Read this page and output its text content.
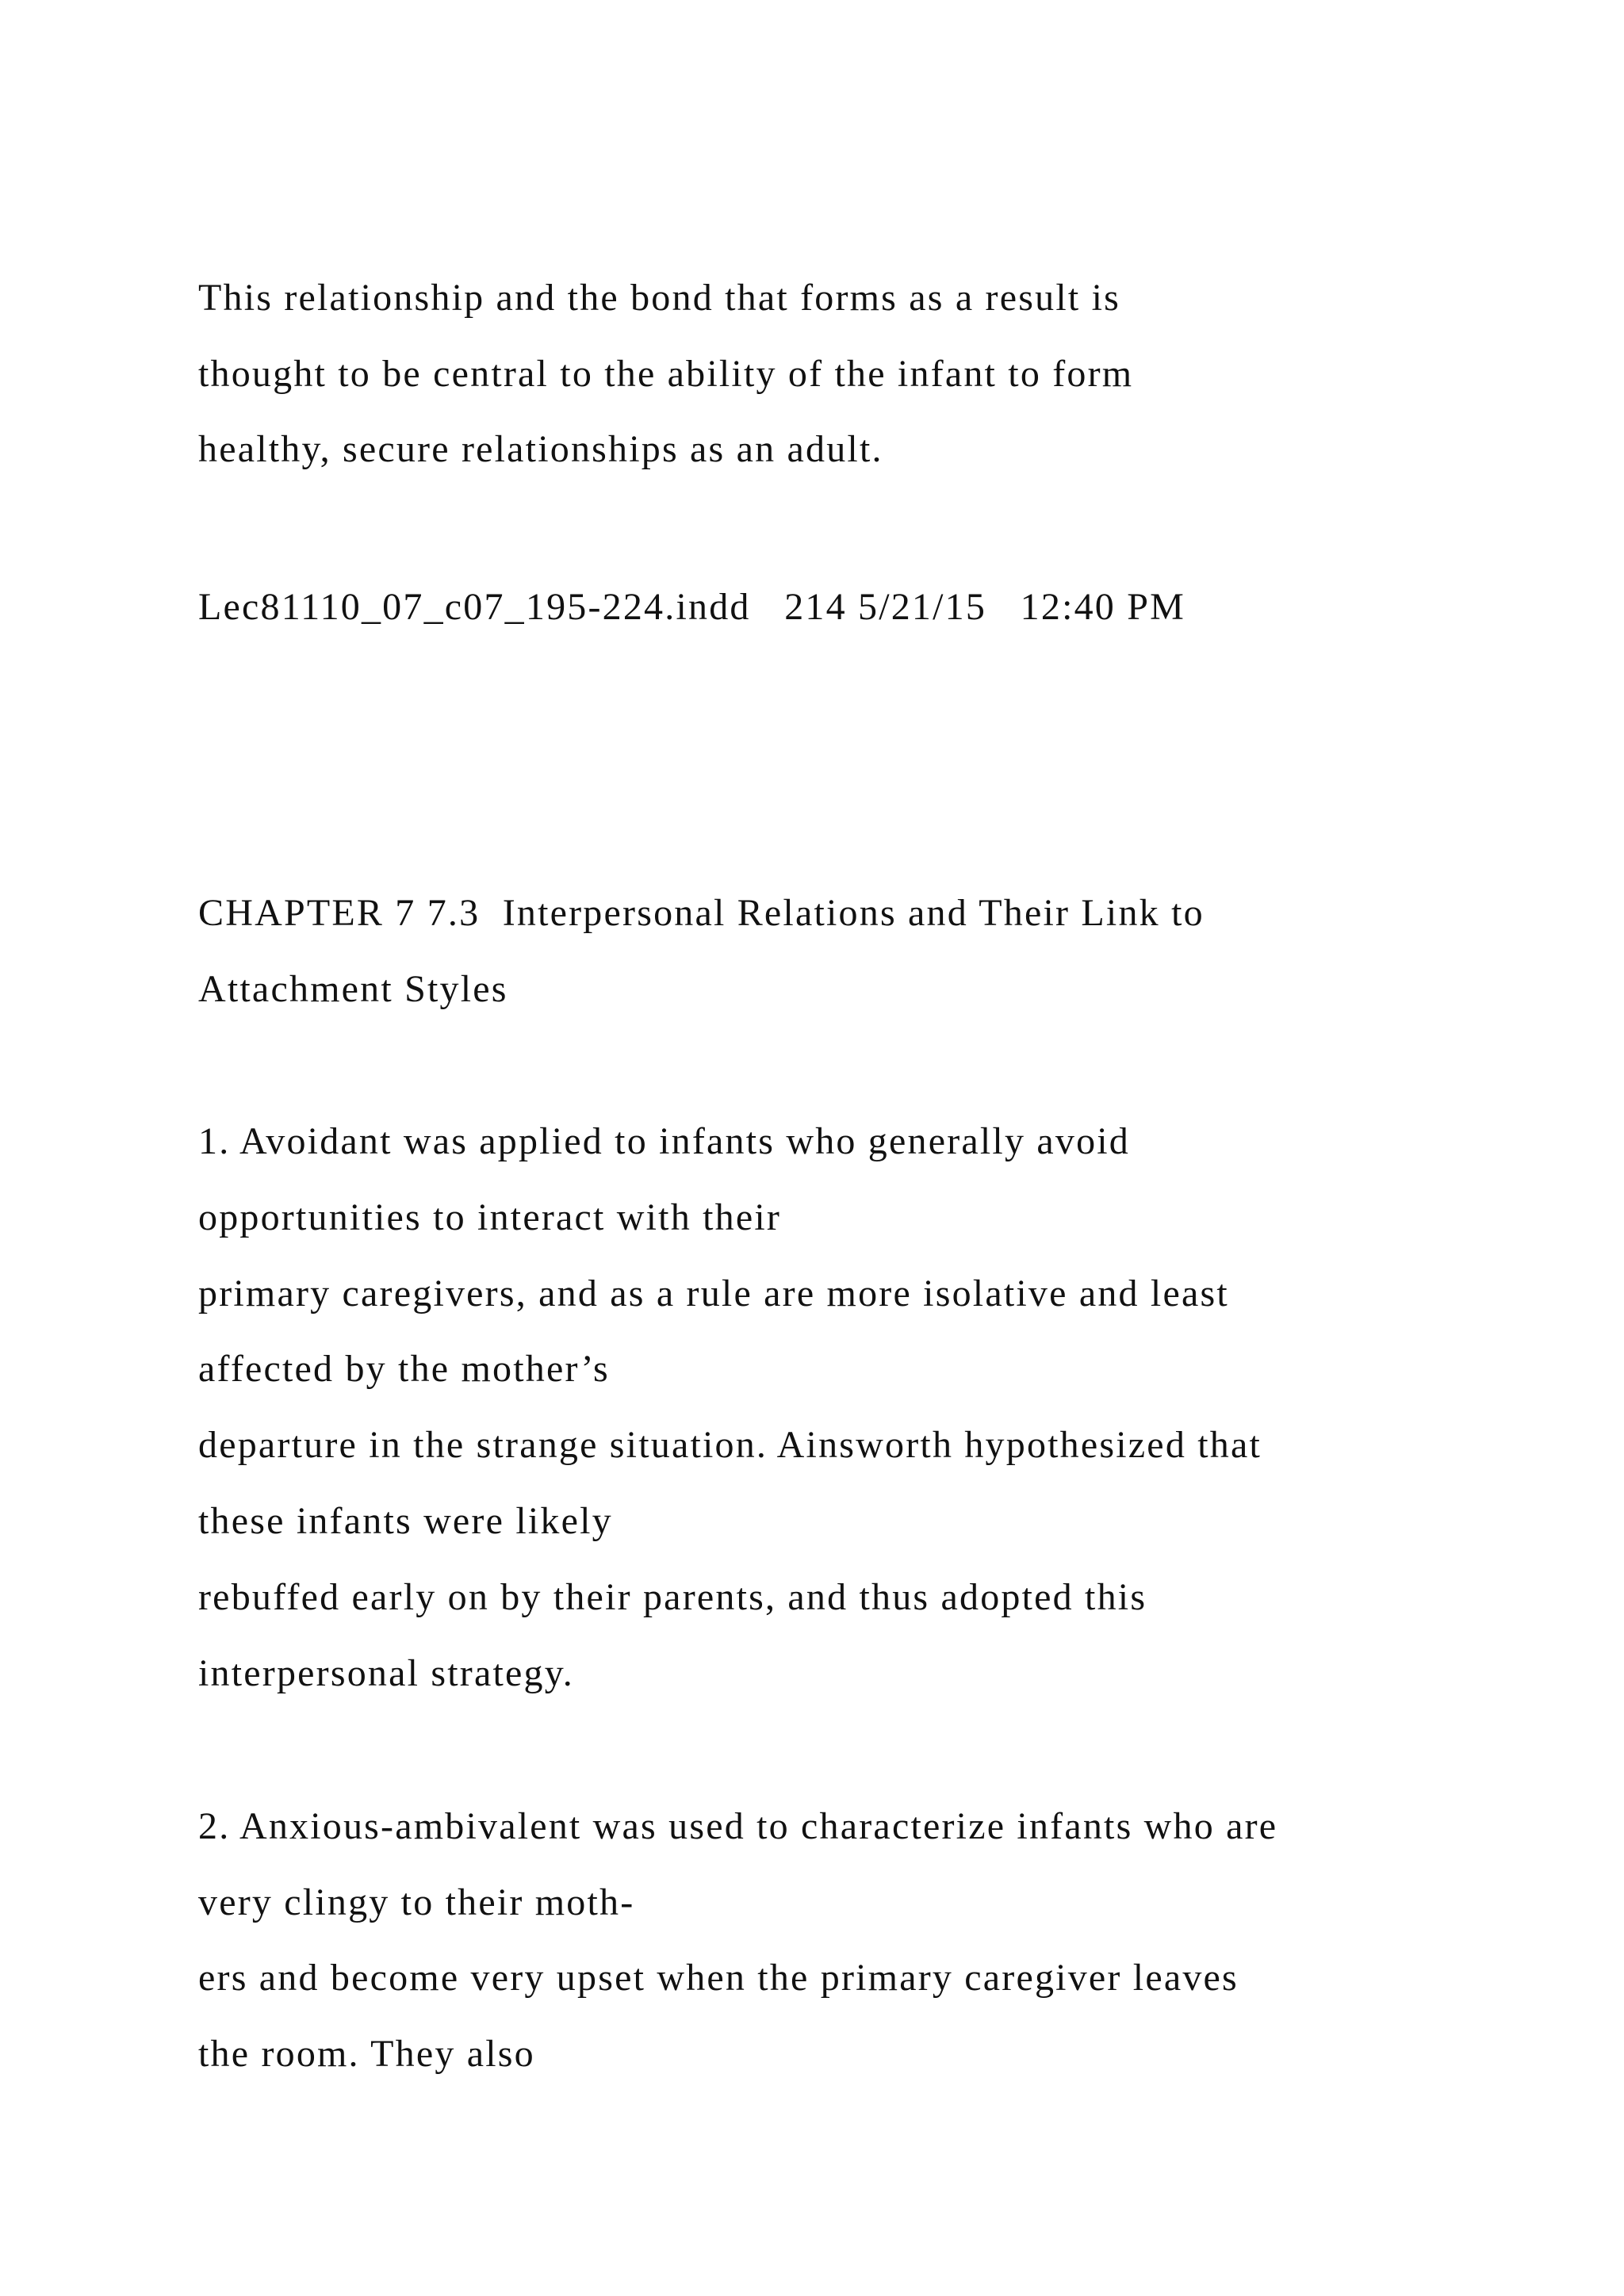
This relationship and the bond that forms as a result is
thought to be central to the ability of the infant to form
healthy, secure relationships as an adult.
Lec81110_07_c07_195-224.indd   214 5/21/15   12:40 PM
CHAPTER 7 7.3  Interpersonal Relations and Their Link to
Attachment Styles
1. Avoidant was applied to infants who generally avoid
opportunities to interact with their
primary caregivers, and as a rule are more isolative and least
affected by the mother’s
departure in the strange situation. Ainsworth hypothesized that
these infants were likely
rebuffed early on by their parents, and thus adopted this
interpersonal strategy.
2. Anxious-ambivalent was used to characterize infants who are
very clingy to their moth-
ers and become very upset when the primary caregiver leaves
the room. They also
